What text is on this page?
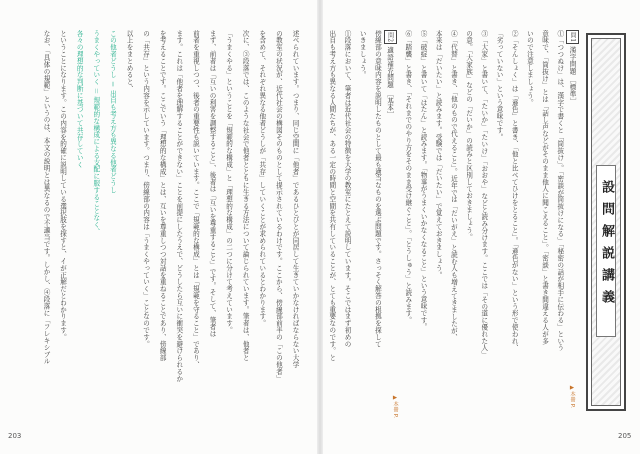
設問解説講義
問1 漢字問題 ［標準］
①「つつぬけ」は、漢字で書くと「筒抜け」。「密談が筒抜けになる」「秘密の話が相手に伝わる」という
意味で、「筒抜け」とは「話し声などがそのまま他人に聞こえること」。「密談」と書き間違える人が多
いので注意しましょう。
②「そんしょく」は「遜色」と書き、「他と比べてひけをとること」。「遜色がない」という形で使われ、
「劣っていない」という意味です。
③「大家」と書いて、「たいか」「たいけ」「おおや」などと読み分けます。ここでは「その道に優れた人」
の意。「大家族」などの「だいか」の読みと区別しておきましょう。
④「代替」と書き、「他のもので代えること」。近年では「だいがえ」と読む人も増えてきましたが、
本来は「だいたい」と読みます。受験では「だいたい」で覚えておきましょう。
⑤「破綻」と書いて「はたん」と読みます。「物事がうまくいかなくなること」という意味です。
⑥「踏襲」と書き、「それまでのやり方をそのまま受け継ぐこと」。「とうしゅう」と読みます。
問2 適語補充問題 ［基本］
傍線部の意味内容を説明したものとして最も適当なものを選ぶ問題です。さっそく解答の根拠を探して
いきましょう。
①段落において、筆者は近代社会の特徴を大学の教室にたとえて説明しています。そこではまず初めの
出自も考え方も異なる人間たちが、ある一定の時間と空間を共有していることが、とても重要なのです。と
述べられています。つまり、同じ空間に「他者」であるひとびとが同居して生きていかなければならない大学
の教室の状況が、近代社会の構図そのものとして提示されているわけです。ここから、傍線部前半の「この他者」
を含めて、それぞれ異なる他者どうしが「共存」していくことが求められているとわかります。
次に、③段落では、このような社会で他者とともに生きる方法について論じられています。筆者は、他者と
「うまくやる」ということを「規範的な構成」と「理想的な構成」の二つに分けて考えています。
まず、前者は「互いの利害を調整すること」、後者は「互いを尊重すること」です。そして、筆者は
前者を重視しつつ、後者の重要性も説いています。ここで「規範的な構成」とは「規範を守ること」であり、
ます。これは「他者を理解することができない」ことを前提にしたうえで、どうしたら互いに衝突を避けられるか
を考えることです。ここでいう「理想的な構成」とは、互いを尊重しつつ対話を重ねることであり、傍線部
の「共存」という内容を示しています。つまり、傍線部の内容は「うまくやっていく」ことなのです。
以上をまとめると、
この他者どうし ＝ 出自も考え方も異なる他者どうし
うまくやっていく ＝ 規範的な構成による支配に服することなく、
各々の理想的な判断に基づいて共存していく
ということになります。この内容を的確に説明している選択肢を探すと、イが正解だとわかります。
なお、「具体の規範」というのは、本文の説明とは異なるので不適当です。しかし、④段落に「フレキシブル
▶本冊 P.
▶本冊 P.
203	205
